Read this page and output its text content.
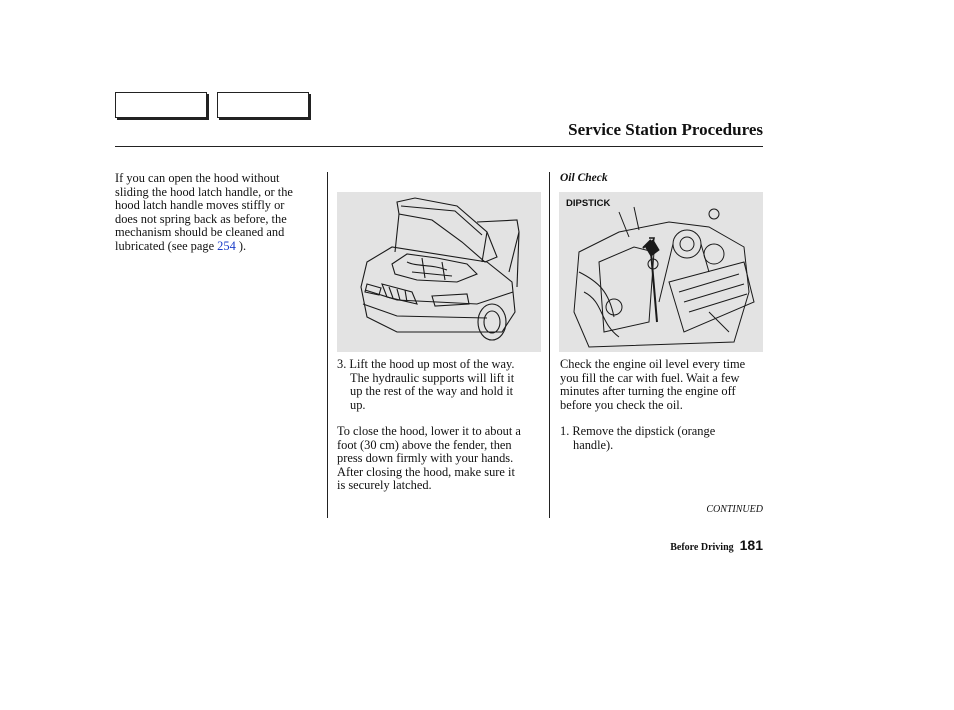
Service Station Procedures
If you can open the hood without
sliding the hood latch handle, or the
hood latch handle moves stiffly or
does not spring back as before, the
mechanism should be cleaned and
lubricated (see page 254 ).
3. Lift the hood up most of the way.
The hydraulic supports will lift it
up the rest of the way and hold it
up.
To close the hood, lower it to about a
foot (30 cm) above the fender, then
press down firmly with your hands.
After closing the hood, make sure it
is securely latched.
Oil Check
DIPSTICK
Check the engine oil level every time
you fill the car with fuel. Wait a few
minutes after turning the engine off
before you check the oil.
1. Remove the dipstick (orange
handle).
CONTINUED
Before Driving 181
